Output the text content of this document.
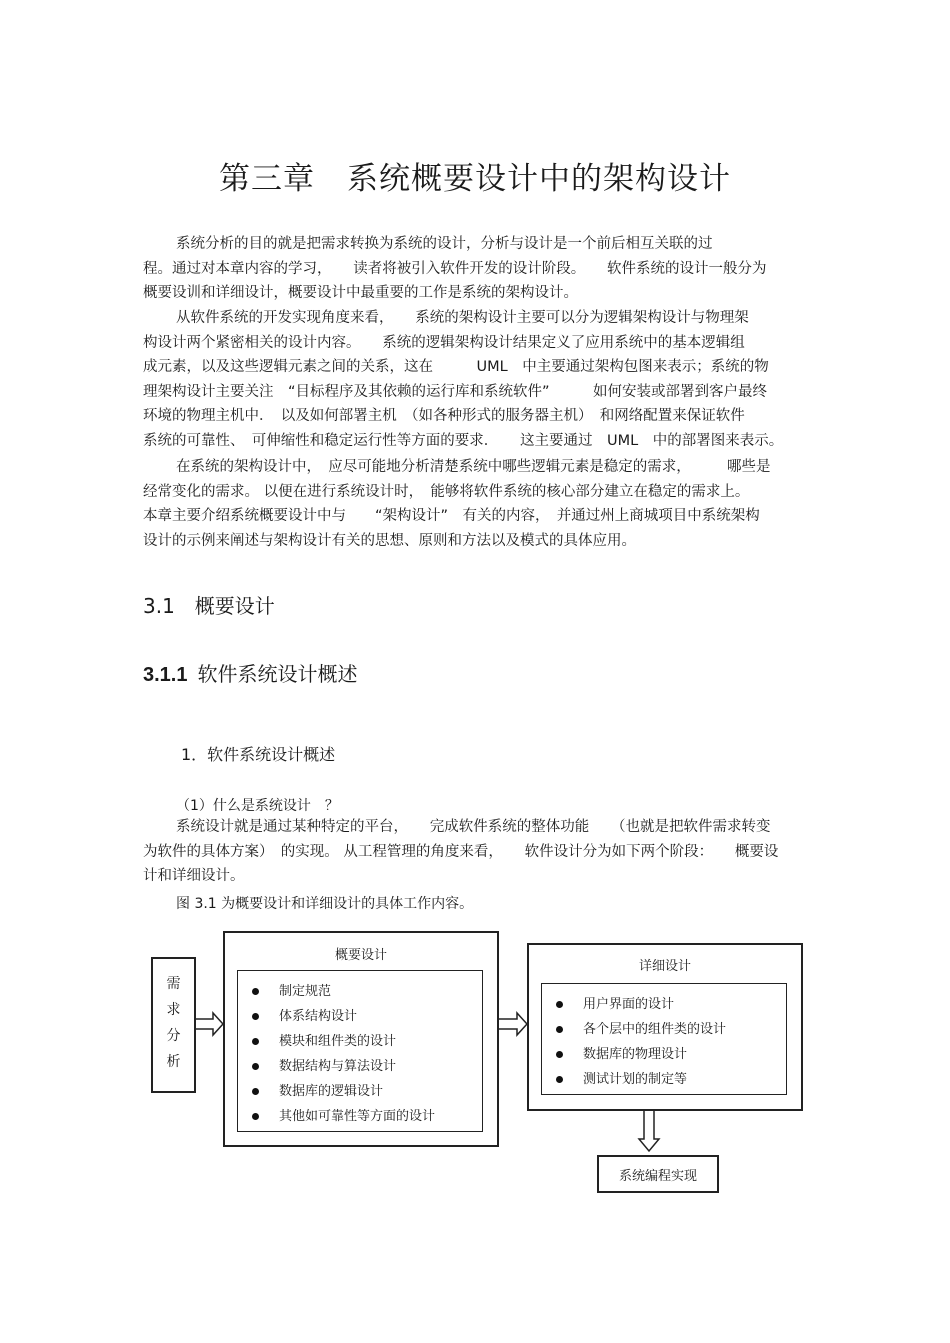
第三章　系统概要设计中的架构设计
系统分析的目的就是把需求转换为系统的设计，分析与设计是一个前后相互关联的过
程。通过对本章内容的学习，　　读者将被引入软件开发的设计阶段。　　软件系统的设计一般分为
概要设训和详细设计，概要设计中最重要的工作是系统的架构设计。
从软件系统的开发实现角度来看，　　系统的架构设计主要可以分为逻辑架构设计与物理架
构设计两个紧密相关的设计内容。　　系统的逻辑架构设计结果定义了应用系统中的基本逻辑组
成元素，以及这些逻辑元素之间的关系，这在　　　UML　中主要通过架构包图来表示；系统的物
理架构设计主要关注　“目标程序及其依赖的运行库和系统软件”　　　如何安装或部署到客户最终
环境的物理主机中．　以及如何部署主机　（如各种形式的服务器主机）　和网络配置来保证软件
系统的可靠性、　可伸缩性和稳定运行性等方面的要求．　　这主要通过　UML　中的部署图来表示。
在系统的架构设计中，　应尽可能地分析清楚系统中哪些逻辑元素是稳定的需求，　　　哪些是
经常变化的需求。 以便在进行系统设计时，　能够将软件系统的核心部分建立在稳定的需求上。
本章主要介绍系统概要设计中与　　“架构设计”　有关的内容，　并通过州上商城项目中系统架构
设计的示例来阐述与架构设计有关的思想、原则和方法以及模式的具体应用。
3.1　概要设计
3.1.1 软件系统设计概述
1．软件系统设计概述
（1）什么是系统设计　？
系统设计就是通过某种特定的平台，　　完成软件系统的整体功能　　（也就是把软件需求转变
为软件的具体方案）　的实现。 从工程管理的角度来看，　　软件设计分为如下两个阶段：　　概要设
计和详细设计。
图 3.1 为概要设计和详细设计的具体工作内容。
需
求
分
析
概要设计
制定规范
体系结构设计
模块和组件类的设计
数据结构与算法设计
数据库的逻辑设计
其他如可靠性等方面的设计
详细设计
用户界面的设计
各个层中的组件类的设计
数据库的物理设计
测试计划的制定等
系统编程实现
